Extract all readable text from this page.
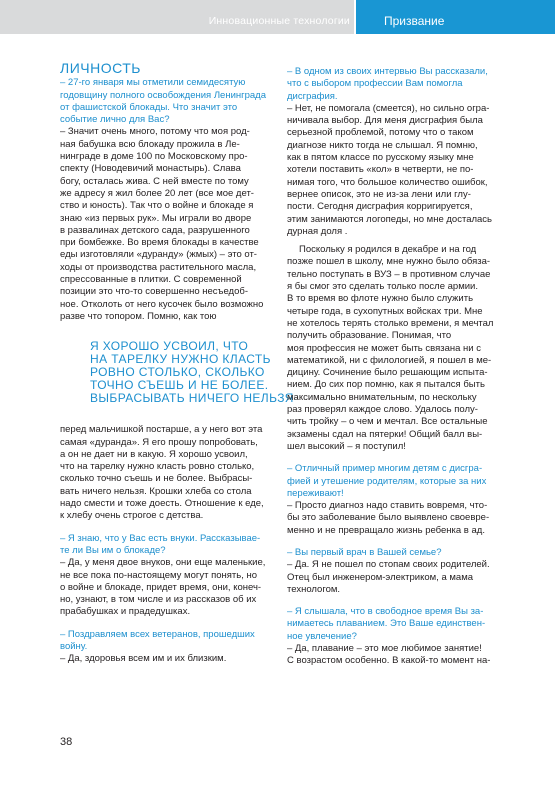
Инновационные технологии	Призвание

ЛИЧНОСТЬ

– 27-го января мы отметили семидесятую

годовщину полного освобождения Ленинграда

от фашистской блокады. Что значит это

событие лично для Вас?

– Значит очень много, потому что моя род-

ная бабушка всю блокаду прожила в Ле-

нинграде в доме 100 по Московскому про-

спекту (Новодевичий монастырь). Слава

богу, осталась жива. С ней вместе по тому

же адресу я жил более 20 лет (все мое дет-

ство и юность). Так что о войне и блокаде я

знаю «из первых рук». Мы играли во дворе

в развалинах детского сада, разрушенного

при бомбежке. Во время блокады в качестве

еды изготовляли «дуранду» (жмых) – это от-

ходы от производства растительного масла,

спрессованные в плитки. С современной

позиции это что-то совершенно несъедоб-

ное. Отколоть от него кусочек было возможно

разве что топором. Помню, как тою

Я ХОРОШО УСВОИЛ, ЧТО

НА ТАРЕЛКУ НУЖНО КЛАСТЬ

РОВНО СТОЛЬКО, СКОЛЬКО

ТОЧНО СЪЕШЬ И НЕ БОЛЕЕ.

ВЫБРАСЫВАТЬ НИЧЕГО НЕЛЬЗЯ

перед мальчишкой постарше, а у него вот эта

самая «дуранда». Я его прошу попробовать,

а он не дает ни в какую. Я хорошо усвоил,

что на тарелку нужно класть ровно столько,

сколько точно съешь и не более. Выбрасы-

вать ничего нельзя. Крошки хлеба со стола

надо смести и тоже доесть. Отношение к еде,

к хлебу очень строгое с детства.

– Я знаю, что у Вас есть внуки. Рассказывае-

те ли Вы им о блокаде?

– Да, у меня двое внуков, они еще маленькие,

не все пока по-настоящему могут понять, но

о войне и блокаде, придет время, они, конеч-

но, узнают, в том числе и из рассказов об их

прабабушках и прадедушках.

– Поздравляем всех ветеранов, прошедших

войну.

– Да, здоровья всем им и их близким.

– В одном из своих интервью Вы рассказали,

что с выбором профессии Вам помогла

дисграфия.

– Нет, не помогала (смеется), но сильно огра-

ничивала выбор. Для меня дисграфия была

серьезной проблемой, потому что о таком

диагнозе никто тогда не слышал. Я помню,

как в пятом классе по русскому языку мне

хотели поставить «кол» в четверти, не по-

нимая того, что большое количество ошибок,

вернее описок, это не из-за лени или глу-

пости. Сегодня дисграфия корригируется,

этим занимаются логопеды, но мне досталась

дурная доля .

Поскольку я родился в декабре и на год

позже пошел в школу, мне нужно было обяза-

тельно поступать в ВУЗ – в противном случае

я бы смог это сделать только после армии.

В то время во флоте нужно было служить

четыре года, в сухопутных войсках три. Мне

не хотелось терять столько времени, я мечтал

получить образование. Понимая, что

моя профессия не может быть связана ни с

математикой, ни с филологией, я пошел в ме-

дицину. Сочинение было решающим испыта-

нием. До сих пор помню, как я пытался быть

максимально внимательным, по нескольку

раз проверял каждое слово. Удалось полу-

чить тройку – о чем и мечтал. Все остальные

экзамены сдал на пятерки! Общий балл вы-

шел высокий – я поступил!

– Отличный пример многим детям с дисгра-

фией и утешение родителям, которые за них

переживают!

– Просто диагноз надо ставить вовремя, что-

бы это заболевание было выявлено своевре-

менно и не превращало жизнь ребенка в ад.

– Вы первый врач в Вашей семье?

– Да. Я не пошел по стопам своих родителей.

Отец был инженером-электриком, а мама

технологом.

– Я слышала, что в свободное время Вы за-

нимаетесь плаванием. Это Ваше единствен-

ное увлечение?

– Да, плавание – это мое любимое занятие!

С возрастом особенно. В какой-то момент на-

38
